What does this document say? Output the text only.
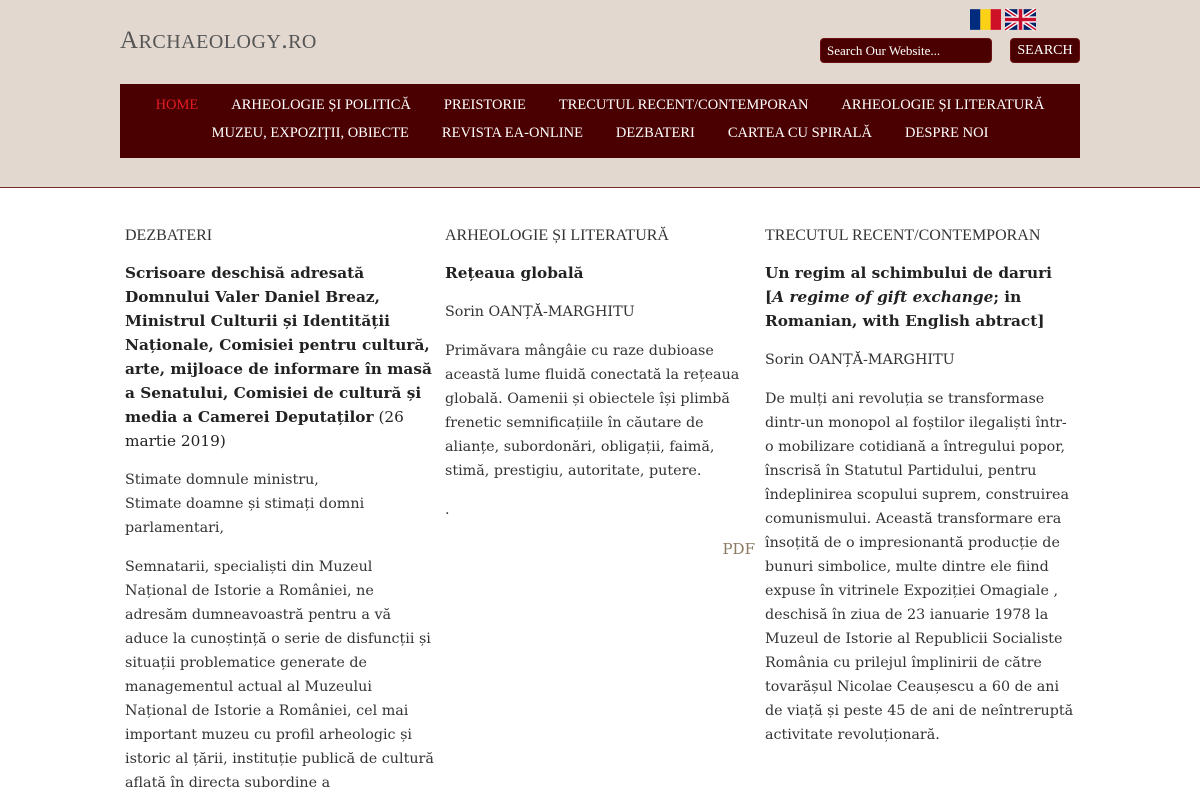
ARCHAEOLOGY.RO
Search Our Website...	SEARCH
HOME ARHEOLOGIE ȘI POLITICĂ PREISTORIE TRECUTUL RECENT/CONTEMPORAN ARHEOLOGIE ȘI LITERATURĂ
MUZEU, EXPOZIȚII, OBIECTE REVISTA EA-ONLINE DEZBATERI CARTEA CU SPIRALĂ DESPRE NOI
DEZBATERI
Scrisoare deschisă adresată Domnului Valer Daniel Breaz, Ministrul Culturii și Identității Naționale, Comisiei pentru cultură, arte, mijloace de informare în masă a Senatului, Comisiei de cultură și media a Camerei Deputaților (26 martie 2019)

Stimate domnule ministru,
Stimate doamne și stimați domni parlamentari,

Semnatarii, specialiști din Muzeul Național de Istorie a României, ne adresăm dumneavoastră pentru a vă aduce la cunoștință o serie de disfuncții și situații problematice generate de managementul actual al Muzeului Național de Istorie a României, cel mai important muzeu cu profil arheologic și istoric al țării, instituție publică de cultură aflată în directa subordine a

ARHEOLOGIE ȘI LITERATURĂ
Rețeaua globală
Sorin OANȚĂ-MARGHITU

Primăvara mângâie cu raze dubioase această lume fluidă conectată la rețeaua globală. Oamenii și obiectele își plimbă frenetic semnificațiile în căutare de alianțe, subordonări, obligații, faimă, stimă, prestigiu, autoritate, putere.

.

PDF
TRECUTUL RECENT/CONTEMPORAN
Un regim al schimbului de daruri [A regime of gift exchange; in Romanian, with English abtract]
Sorin OANȚĂ-MARGHITU

De mulți ani revoluția se transformase dintr-un monopol al foștilor ilegaliști într-o mobilizare cotidiană a întregului popor, înscrisă în Statutul Partidului, pentru îndeplinirea scopului suprem, construirea comunismului. Această transformare era însoțită de o impresionantă producție de bunuri simbolice, multe dintre ele fiind expuse în vitrinele Expoziției Omagiale , deschisă în ziua de 23 ianuarie 1978 la Muzeul de Istorie al Republicii Socialiste România cu prilejul împlinirii de către tovarășul Nicolae Ceaușescu a 60 de ani de viață și peste 45 de ani de neîntreruptă activitate revoluționară.
